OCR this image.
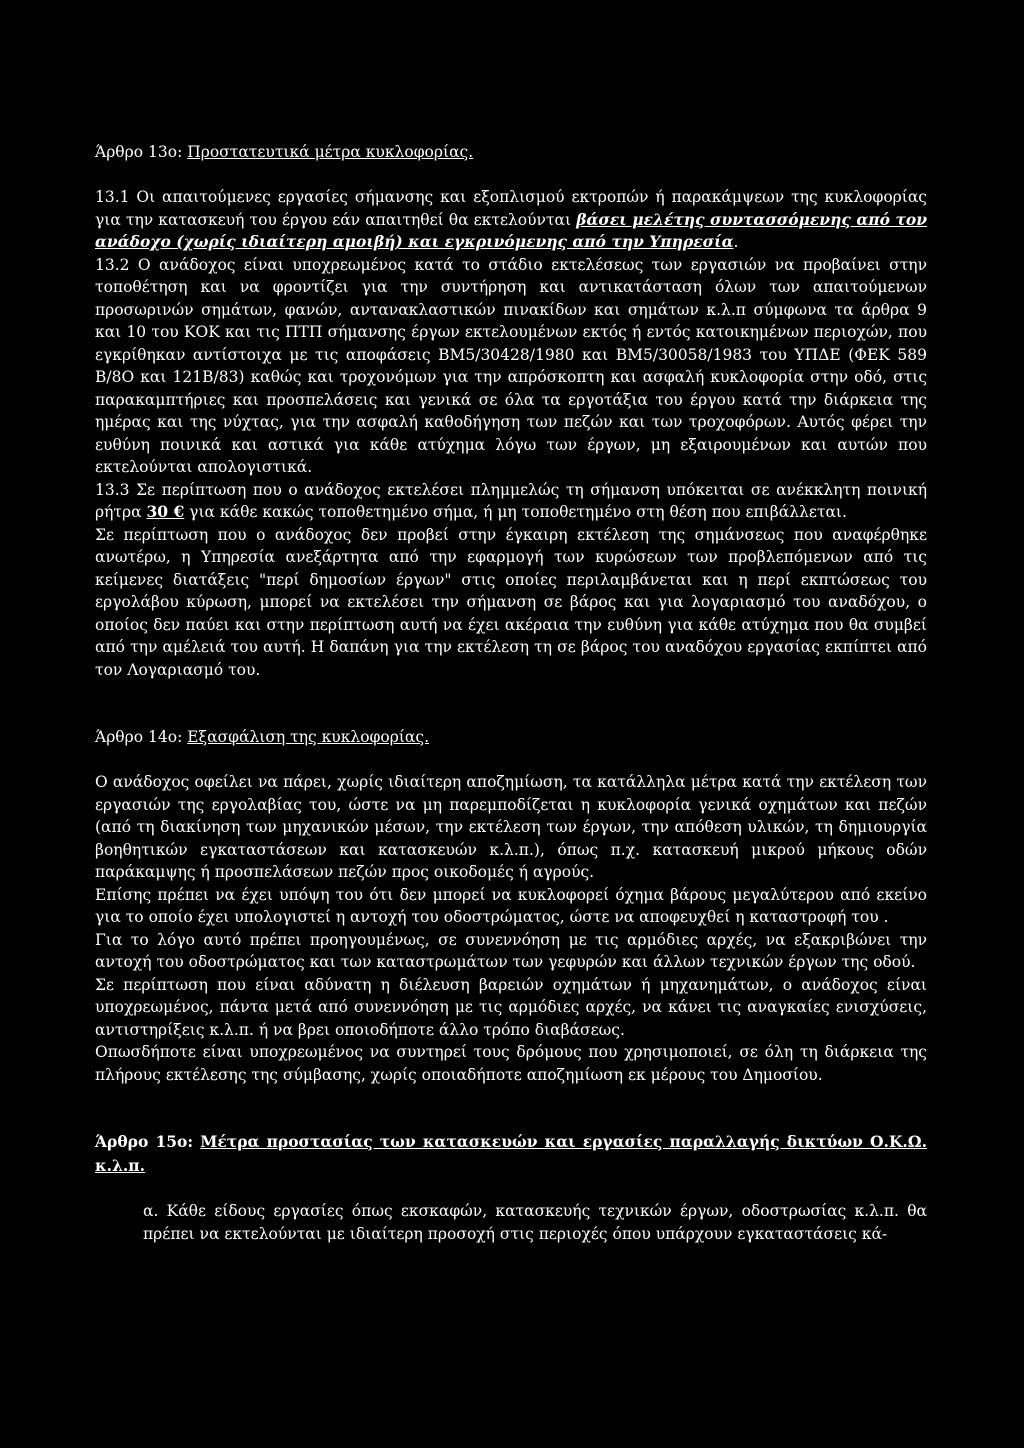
Άρθρο 13ο: Προστατευτικά μέτρα κυκλοφορίας.

13.1 Οι απαιτούμενες εργασίες σήμανσης και εξοπλισμού εκτροπών ή παρακάμψεων της κυκλοφορίας για την κατασκευή του έργου εάν απαιτηθεί θα εκτελούνται βάσει μελέτης συντασσόμενης από τον ανάδοχο (χωρίς ιδιαίτερη αμοιβή) και εγκρινόμενης από την Υπηρεσία.

13.2 Ο ανάδοχος είναι υποχρεωμένος κατά το στάδιο εκτελέσεως των εργασιών να προβαίνει στην τοποθέτηση και να φροντίζει για την συντήρηση και αντικατάσταση όλων των απαιτούμενων προσωρινών σημάτων, φανών, αντανακλαστικών πινακίδων και σημάτων κ.λ.π σύμφωνα τα άρθρα 9 και 10 του ΚΟΚ και τις ΠΤΠ σήμανσης έργων εκτελουμένων εκτός ή εντός κατοικημένων περιοχών, που εγκρίθηκαν αντίστοιχα με τις αποφάσεις ΒΜ5/30428/1980 και ΒΜ5/30058/1983 του ΥΠΔΕ (ΦΕΚ 589 Β/8Ο και 121Β/83) καθώς και τροχονόμων για την απρόσκοπτη και ασφαλή κυκλοφορία στην οδό, στις παρακαμπτήριες και προσπελάσεις και γενικά σε όλα τα εργοτάξια του έργου κατά την διάρκεια της ημέρας και της νύχτας, για την ασφαλή καθοδήγηση των πεζών και των τροχοφόρων. Αυτός φέρει την ευθύνη ποινικά και αστικά για κάθε ατύχημα λόγω των έργων, μη εξαιρουμένων και αυτών που εκτελούνται απολογιστικά.

13.3 Σε περίπτωση που ο ανάδοχος εκτελέσει πλημμελώς τη σήμανση υπόκειται σε ανέκκλητη ποινική ρήτρα 30 € για κάθε κακώς τοποθετημένο σήμα, ή μη τοποθετημένο στη θέση που επιβάλλεται.

Σε περίπτωση που ο ανάδοχος δεν προβεί στην έγκαιρη εκτέλεση της σημάνσεως που αναφέρθηκε ανωτέρω, η Υπηρεσία ανεξάρτητα από την εφαρμογή των κυρώσεων των προβλεπόμενων από τις κείμενες διατάξεις "περί δημοσίων έργων" στις οποίες περιλαμβάνεται και η περί εκπτώσεως του εργολάβου κύρωση, μπορεί να εκτελέσει την σήμανση σε βάρος και για λογαριασμό του αναδόχου, ο οποίος δεν παύει και στην περίπτωση αυτή να έχει ακέραια την ευθύνη για κάθε ατύχημα που θα συμβεί από την αμέλειά του αυτή. Η δαπάνη για την εκτέλεση τη σε βάρος του αναδόχου εργασίας εκπίπτει από τον Λογαριασμό του.

Άρθρο 14ο: Εξασφάλιση της κυκλοφορίας.

Ο ανάδοχος οφείλει να πάρει, χωρίς ιδιαίτερη αποζημίωση, τα κατάλληλα μέτρα κατά την εκτέλεση των εργασιών της εργολαβίας του, ώστε να μη παρεμποδίζεται η κυκλοφορία γενικά οχημάτων και πεζών (από τη διακίνηση των μηχανικών μέσων, την εκτέλεση των έργων, την απόθεση υλικών, τη δημιουργία βοηθητικών εγκαταστάσεων και κατασκευών κ.λ.π.), όπως π.χ. κατασκευή μικρού μήκους οδών παράκαμψης ή προσπελάσεων πεζών προς οικοδομές ή αγρούς.

Επίσης πρέπει να έχει υπόψη του ότι δεν μπορεί να κυκλοφορεί όχημα βάρους μεγαλύτερου από εκείνο για το οποίο έχει υπολογιστεί η αντοχή του οδοστρώματος, ώστε να αποφευχθεί η καταστροφή του .

Για το λόγο αυτό πρέπει προηγουμένως, σε συνεννόηση με τις αρμόδιες αρχές, να εξακριβώνει την αντοχή του οδοστρώματος και των καταστρωμάτων των γεφυρών και άλλων τεχνικών έργων της οδού.

Σε περίπτωση που είναι αδύνατη η διέλευση βαρειών οχημάτων ή μηχανημάτων, ο ανάδοχος είναι υποχρεωμένος, πάντα μετά από συνεννόηση με τις αρμόδιες αρχές, να κάνει τις αναγκαίες ενισχύσεις, αντιστηρίξεις κ.λ.π. ή να βρει οποιοδήποτε άλλο τρόπο διαβάσεως.

Οπωσδήποτε είναι υποχρεωμένος να συντηρεί τους δρόμους που χρησιμοποιεί, σε όλη τη διάρκεια της πλήρους εκτέλεσης της σύμβασης, χωρίς οποιαδήποτε αποζημίωση εκ μέρους του Δημοσίου.

Άρθρο 15ο: Μέτρα προστασίας των κατασκευών και εργασίες παραλλαγής δικτύων Ο.Κ.Ω. κ.λ.π.

α. Κάθε είδους εργασίες όπως εκσκαφών, κατασκευής τεχνικών έργων, οδοστρωσίας κ.λ.π. θα πρέπει να εκτελούνται με ιδιαίτερη προσοχή στις περιοχές όπου υπάρχουν εγκαταστάσεις κά-
